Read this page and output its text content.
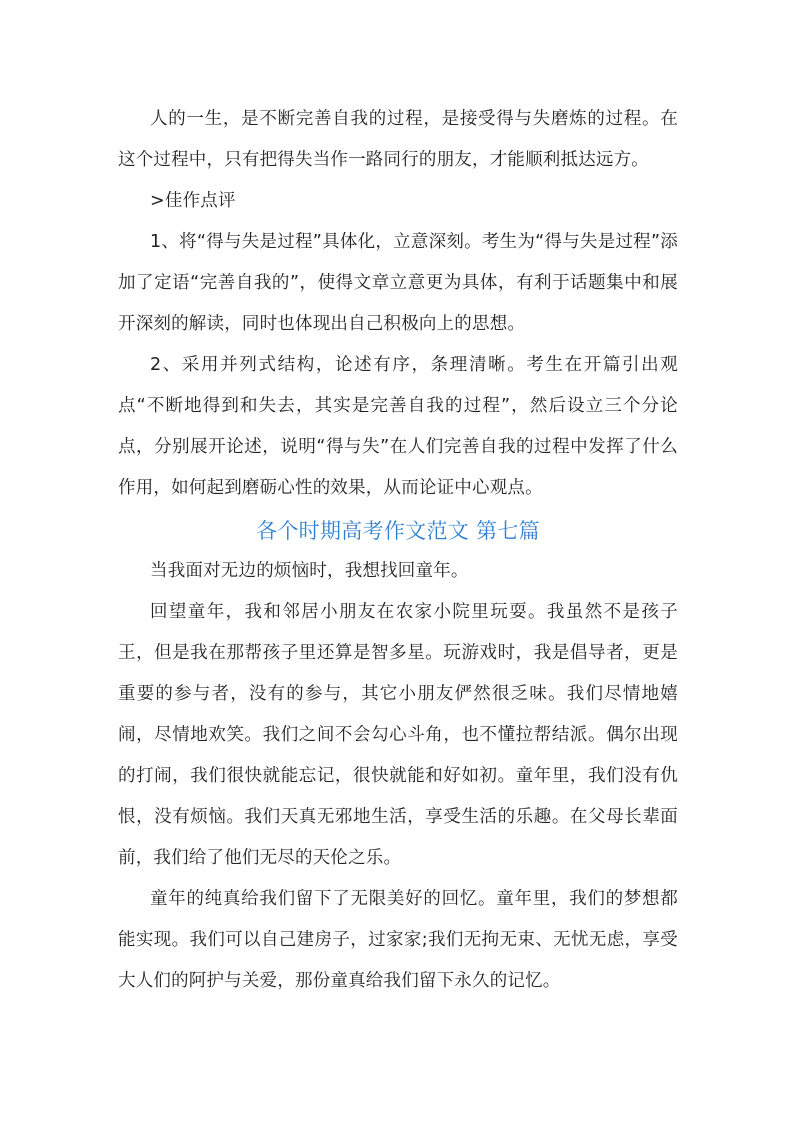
人的一生，是不断完善自我的过程，是接受得与失磨炼的过程。在这个过程中，只有把得失当作一路同行的朋友，才能顺利抵达远方。

>佳作点评

1、将“得与失是过程”具体化，立意深刻。考生为“得与失是过程”添加了定语“完善自我的”，使得文章立意更为具体，有利于话题集中和展开深刻的解读，同时也体现出自己积极向上的思想。

2、采用并列式结构，论述有序，条理清晰。考生在开篇引出观点“不断地得到和失去，其实是完善自我的过程”，然后设立三个分论点，分别展开论述，说明“得与失”在人们完善自我的过程中发挥了什么作用，如何起到磨砺心性的效果，从而论证中心观点。

各个时期高考作文范文 第七篇

当我面对无边的烦恼时，我想找回童年。

回望童年，我和邻居小朋友在农家小院里玩耍。我虽然不是孩子王，但是我在那帮孩子里还算是智多星。玩游戏时，我是倡导者，更是重要的参与者，没有的参与，其它小朋友俨然很乏味。我们尽情地嬉闹，尽情地欢笑。我们之间不会勾心斗角，也不懂拉帮结派。偶尔出现的打闹，我们很快就能忘记，很快就能和好如初。童年里，我们没有仇恨，没有烦恼。我们天真无邪地生活，享受生活的乐趣。在父母长辈面前，我们给了他们无尽的天伦之乐。

童年的纯真给我们留下了无限美好的回忆。童年里，我们的梦想都能实现。我们可以自己建房子，过家家;我们无拘无束、无忧无虑，享受大人们的阿护与关爱，那份童真给我们留下永久的记忆。
